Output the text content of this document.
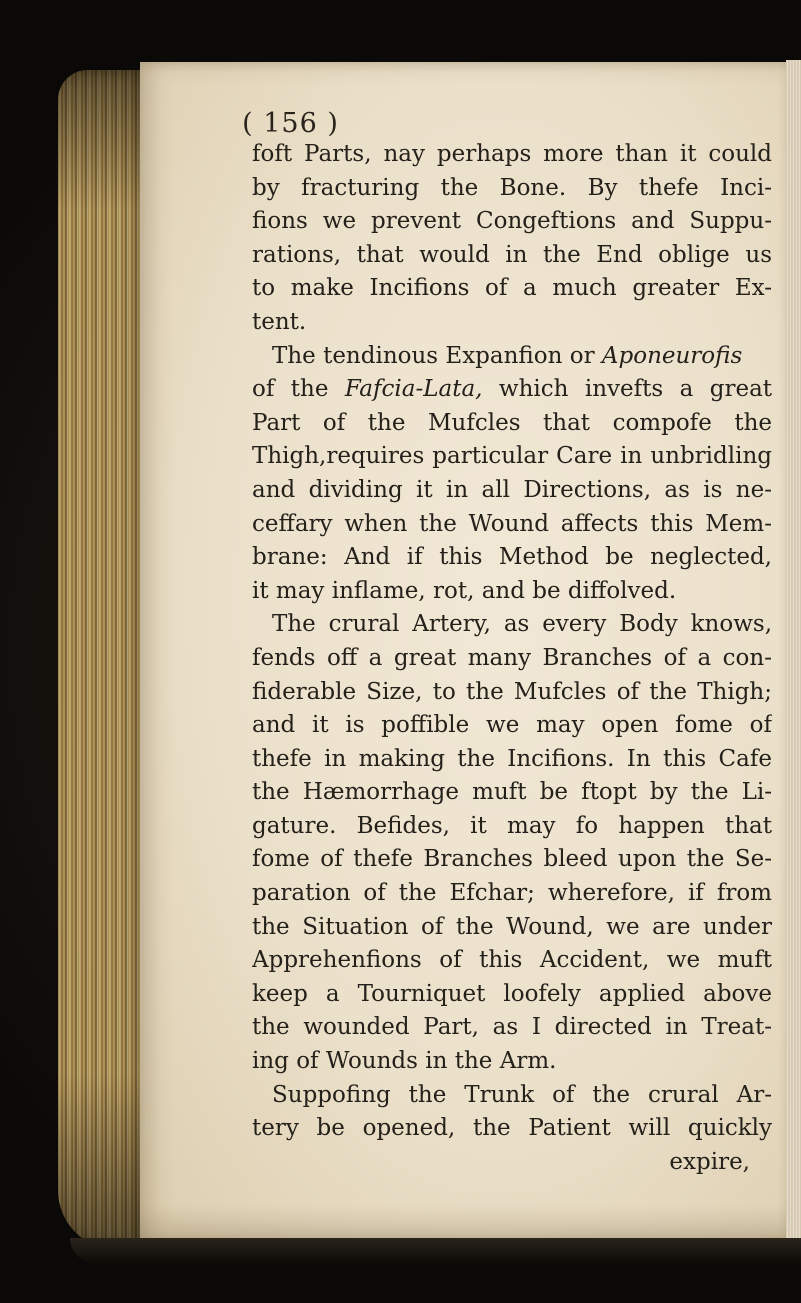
( 156 )
foft Parts, nay perhaps more than it could
by fracturing the Bone. By thefe Inci-
fions we prevent Congeftions and Suppu-
rations, that would in the End oblige us
to make Incifions of a much greater Ex-
tent.
The tendinous Expanfion or Aponeurofis
of the Fafcia-Lata, which invefts a great
Part of the Mufcles that compofe the
Thigh,requires particular Care in unbridling
and dividing it in all Directions, as is ne-
ceffary when the Wound affects this Mem-
brane: And if this Method be neglected,
it may inflame, rot, and be diffolved.
The crural Artery, as every Body knows,
fends off a great many Branches of a con-
fiderable Size, to the Mufcles of the Thigh;
and it is poffible we may open fome of
thefe in making the Incifions. In this Cafe
the Hæmorrhage muft be ftopt by the Li-
gature. Befides, it may fo happen that
fome of thefe Branches bleed upon the Se-
paration of the Efchar; wherefore, if from
the Situation of the Wound, we are under
Apprehenfions of this Accident, we muft
keep a Tourniquet loofely applied above
the wounded Part, as I directed in Treat-
ing of Wounds in the Arm.
Suppofing the Trunk of the crural Ar-
tery be opened, the Patient will quickly
expire,
